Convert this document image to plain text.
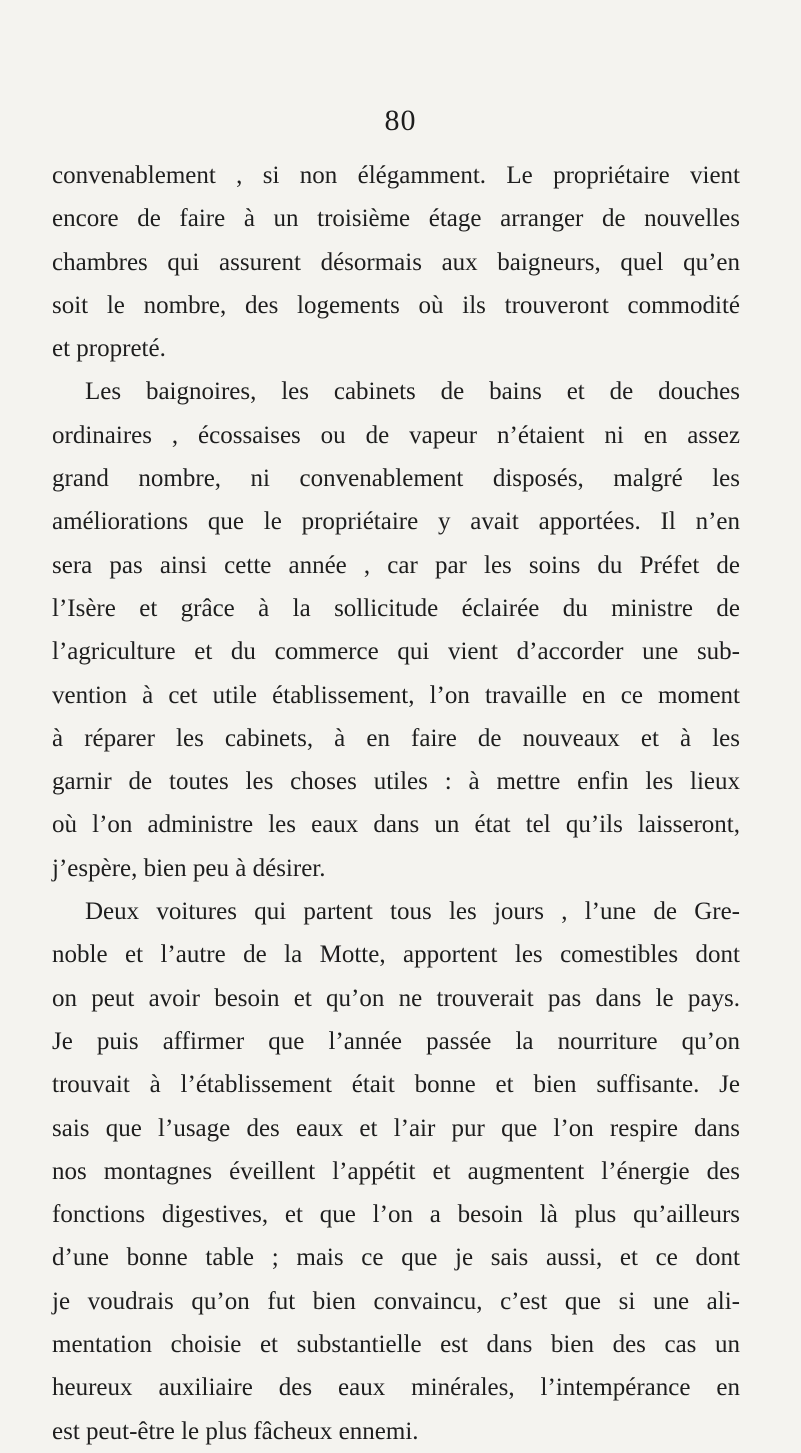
80
convenablement , si non élégamment. Le propriétaire vient
encore de faire à un troisième étage arranger de nouvelles
chambres qui assurent désormais aux baigneurs, quel qu’en
soit le nombre, des logements où ils trouveront commodité
et propreté.
Les baignoires, les cabinets de bains et de douches
ordinaires , écossaises ou de vapeur n’étaient ni en assez
grand nombre, ni convenablement disposés, malgré les
améliorations que le propriétaire y avait apportées. Il n’en
sera pas ainsi cette année , car par les soins du Préfet de
l’Isère et grâce à la sollicitude éclairée du ministre de
l’agriculture et du commerce qui vient d’accorder une sub-
vention à cet utile établissement, l’on travaille en ce moment
à réparer les cabinets, à en faire de nouveaux et à les
garnir de toutes les choses utiles : à mettre enfin les lieux
où l’on administre les eaux dans un état tel qu’ils laisseront,
j’espère, bien peu à désirer.
Deux voitures qui partent tous les jours , l’une de Gre-
noble et l’autre de la Motte, apportent les comestibles dont
on peut avoir besoin et qu’on ne trouverait pas dans le pays.
Je puis affirmer que l’année passée la nourriture qu’on
trouvait à l’établissement était bonne et bien suffisante. Je
sais que l’usage des eaux et l’air pur que l’on respire dans
nos montagnes éveillent l’appétit et augmentent l’énergie des
fonctions digestives, et que l’on a besoin là plus qu’ailleurs
d’une bonne table ; mais ce que je sais aussi, et ce dont
je voudrais qu’on fut bien convaincu, c’est que si une ali-
mentation choisie et substantielle est dans bien des cas un
heureux auxiliaire des eaux minérales, l’intempérance en
est peut-être le plus fâcheux ennemi.
